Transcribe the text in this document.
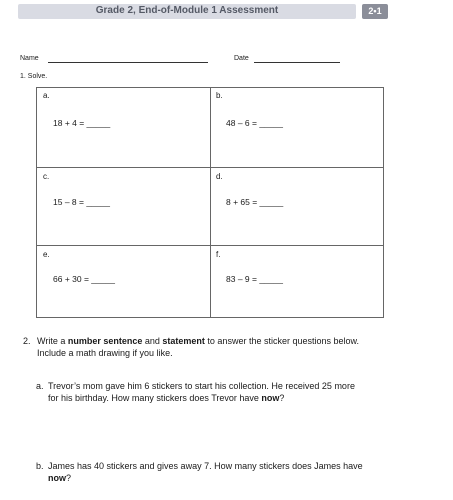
Grade 2, End-of-Module 1 Assessment	2•1
Name	Date
1. Solve.
a.
18 + 4 = _____
b.
48 – 6 = _____
c.
15 – 8 = _____
d.
8 + 65 = _____
e.
66 + 30 = _____
f.
83 – 9 = _____
2. Write a number sentence and statement to answer the sticker questions below.
Include a math drawing if you like.
a. Trevor’s mom gave him 6 stickers to start his collection. He received 25 more
for his birthday. How many stickers does Trevor have now?
b. James has 40 stickers and gives away 7. How many stickers does James have
now?
